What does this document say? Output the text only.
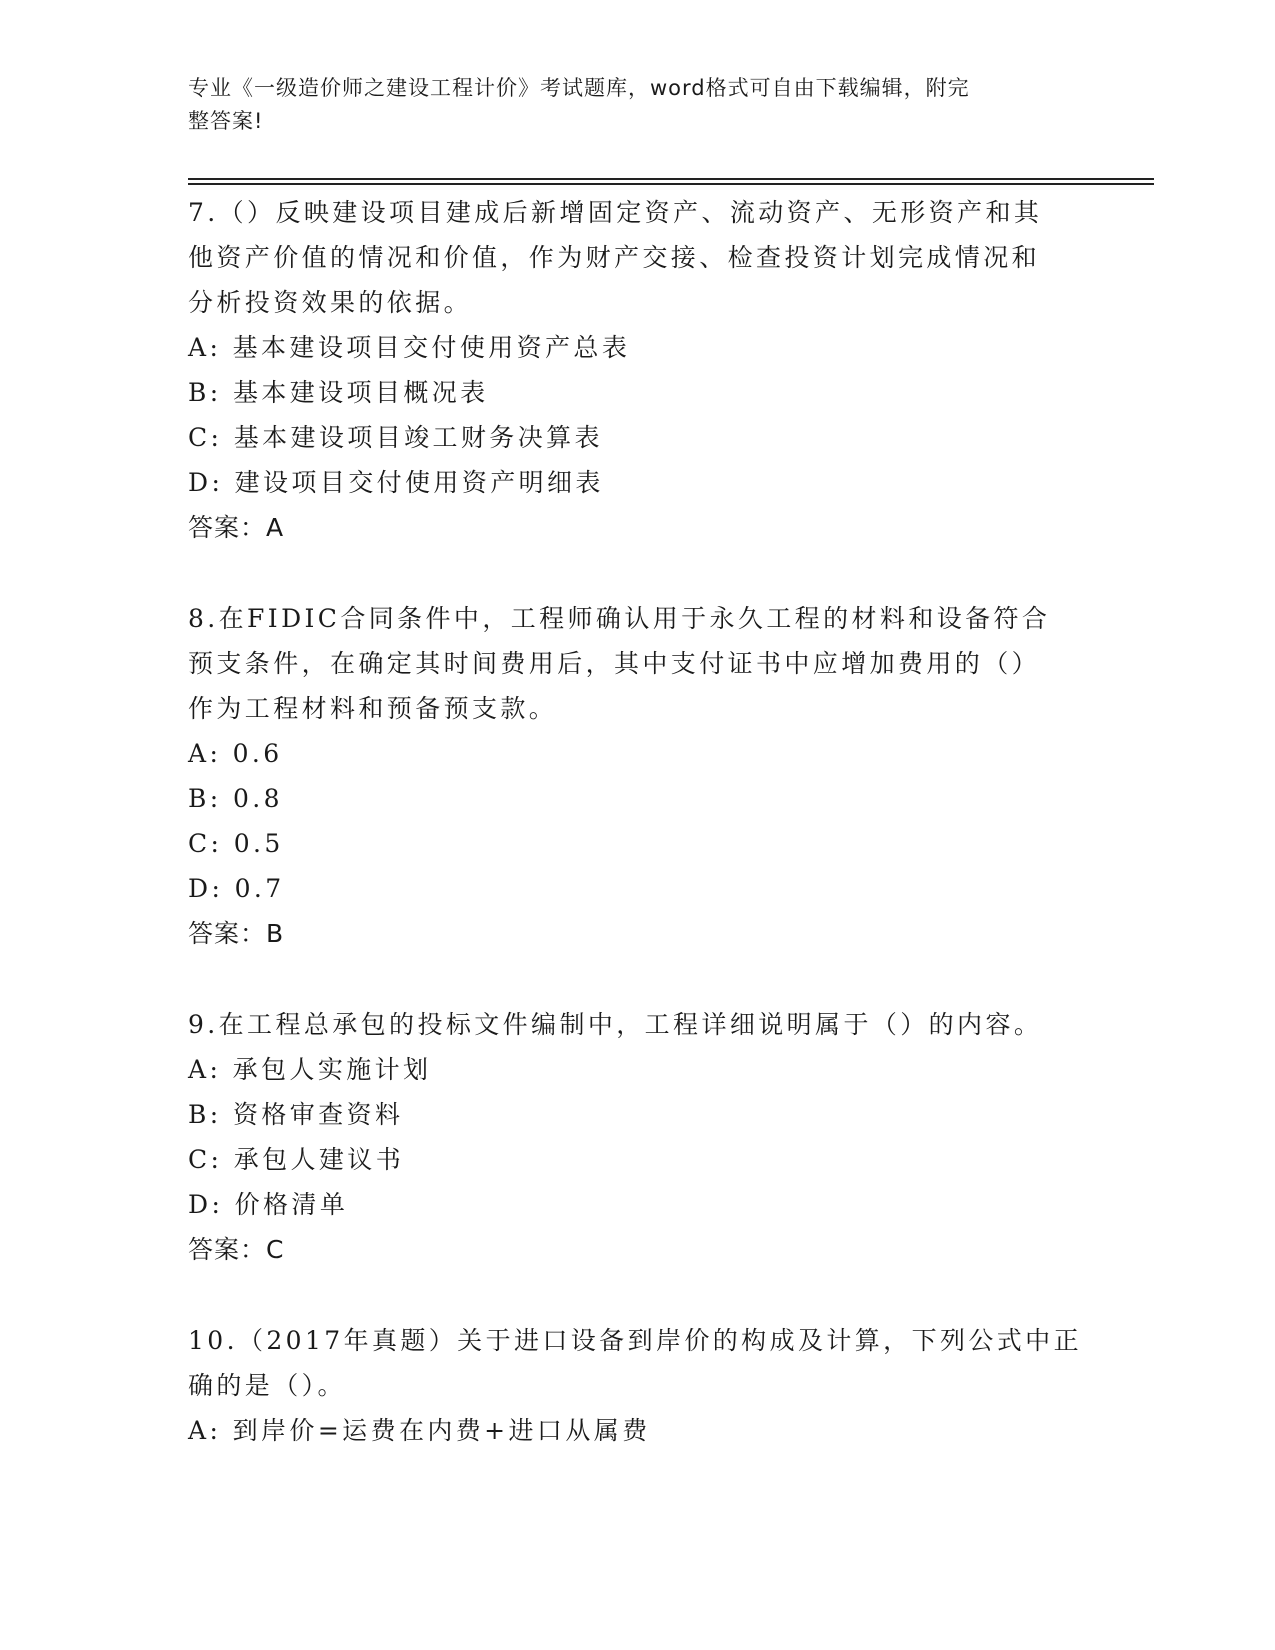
专业《一级造价师之建设工程计价》考试题库，word格式可自由下载编辑，附完
整答案!
7.（）反映建设项目建成后新增固定资产、流动资产、无形资产和其
他资产价值的情况和价值，作为财产交接、检查投资计划完成情况和
分析投资效果的依据。
A: 基本建设项目交付使用资产总表
B: 基本建设项目概况表
C: 基本建设项目竣工财务决算表
D: 建设项目交付使用资产明细表
答案：A
8.在FIDIC合同条件中，工程师确认用于永久工程的材料和设备符合
预支条件，在确定其时间费用后，其中支付证书中应增加费用的（）
作为工程材料和预备预支款。
A: 0.6
B: 0.8
C: 0.5
D: 0.7
答案：B
9.在工程总承包的投标文件编制中，工程详细说明属于（）的内容。
A: 承包人实施计划
B: 资格审查资料
C: 承包人建议书
D: 价格清单
答案：C
10.（2017年真题）关于进口设备到岸价的构成及计算，下列公式中正
确的是（）。
A: 到岸价=运费在内费+进口从属费
